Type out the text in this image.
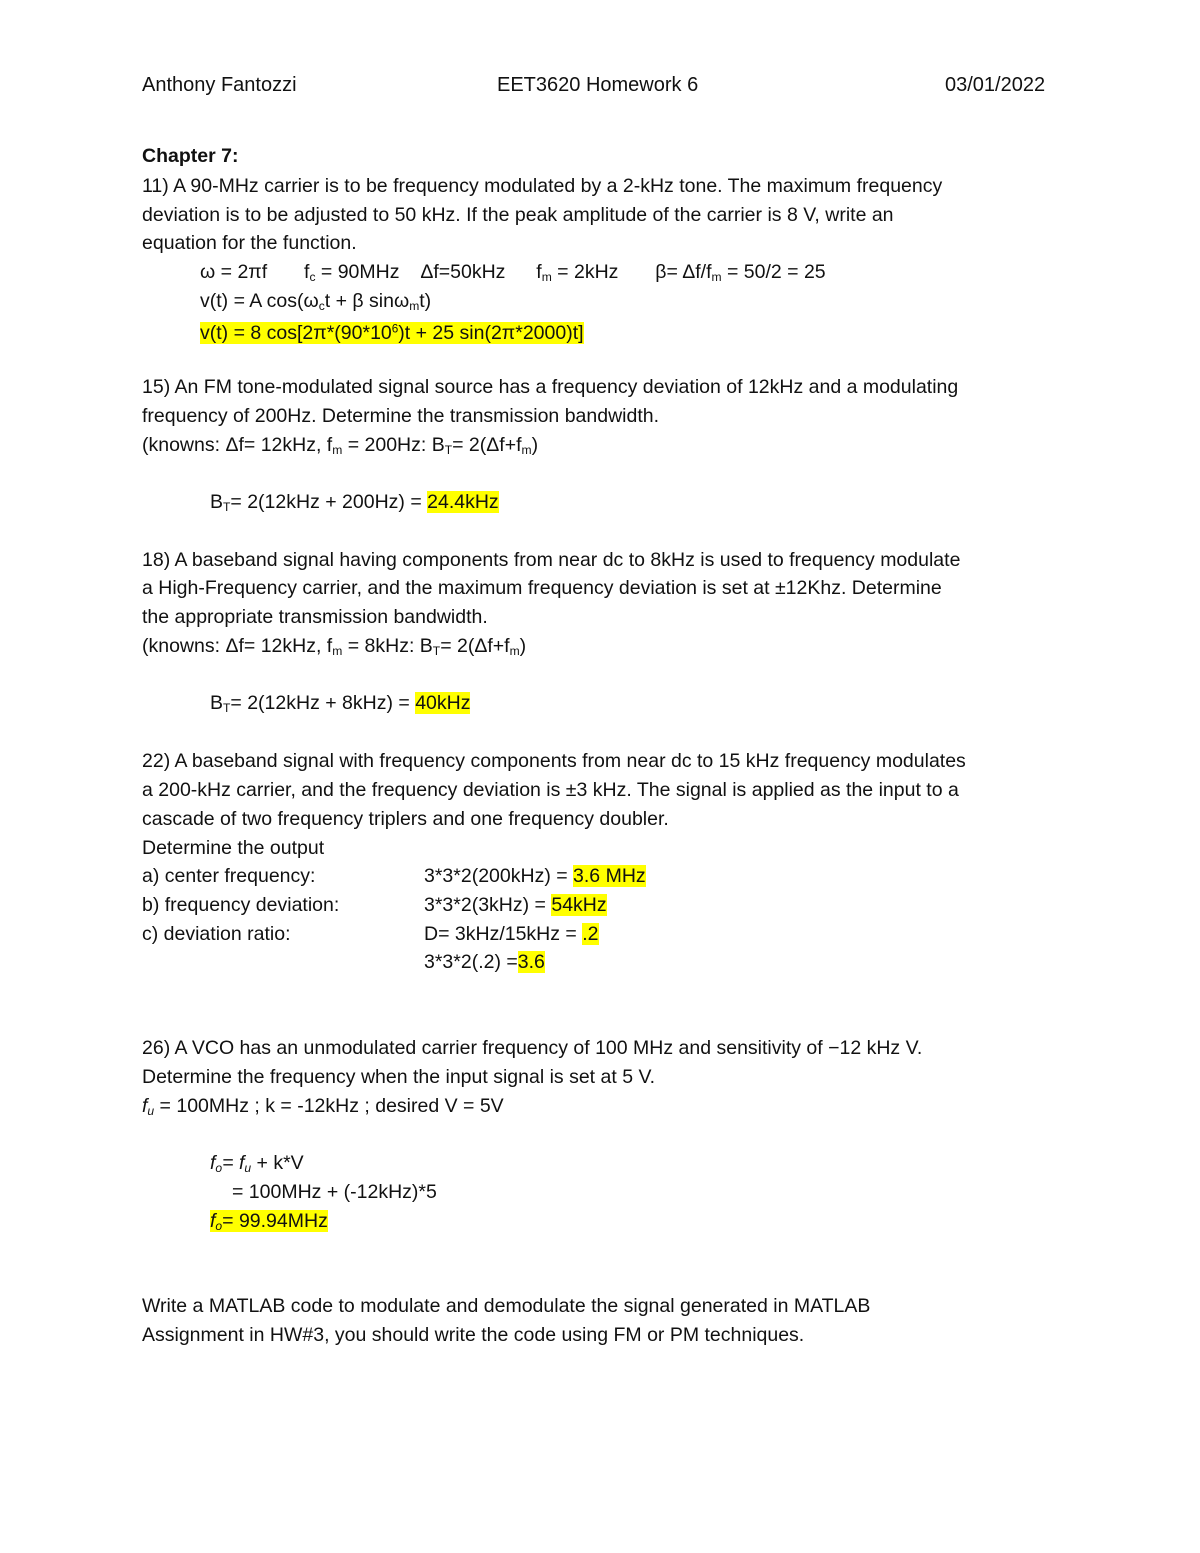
Anthony Fantozzi	EET3620 Homework 6	03/01/2022
Chapter 7:
11) A 90-MHz carrier is to be frequency modulated by a 2-kHz tone. The maximum frequency
deviation is to be adjusted to 50 kHz. If the peak amplitude of the carrier is 8 V, write an
equation for the function.
ω = 2πf $f_c = 90MHz$ Δf=50kHz $f_m = 2kHz$ $\beta= \Delta f/f_m = 50/2 = 25$
v(t) = A $\cos(\omega_ct + \beta$ sinω$_m$t)
v(t) = 8 $\cos[2\pi*(90*10^6)t + 25$ sin(2π*2000)t]
15) An FM tone-modulated signal source has a frequency deviation of 12kHz and a modulating
frequency of 200Hz. Determine the transmission bandwidth.
(knowns: Δf= 12kHz, $f_m = 200Hz$: $B_T= 2(\Delta f+f_m)$
$B_T= 2(12kHz + 200Hz) = 24.4kHz$
18) A baseband signal having components from near dc to 8kHz is used to frequency modulate
a High-Frequency carrier, and the maximum frequency deviation is set at ±12Khz. Determine
the appropriate transmission bandwidth.
(knowns: Δf= 12kHz, $f_m = 8kHz$: $B_T= 2(\Delta f+f_m)$
$B_T= 2(12kHz + 8kHz) = 40kHz$
22) A baseband signal with frequency components from near dc to 15 kHz frequency modulates
a 200-kHz carrier, and the frequency deviation is ±3 kHz. The signal is applied as the input to a
cascade of two frequency triplers and one frequency doubler.
Determine the output
a) center frequency:	3*3*2(200kHz) = 3.6 MHz
b) frequency deviation:	3*3*2(3kHz) = 54kHz
c) deviation ratio:	D= 3kHz/15kHz = .2
3*3*2(.2) =3.6
26) A VCO has an unmodulated carrier frequency of 100 MHz and sensitivity of −12 kHz V.
Determine the frequency when the input signal is set at 5 V.
$f_u = 100MHz$ ; k = -12kHz ; desired V = 5V
$f_o= f_u + k*V$
= 100MHz + (-12kHz)*5
$f_o= 99.94MHz$
Write a MATLAB code to modulate and demodulate the signal generated in MATLAB
Assignment in HW#3, you should write the code using FM or PM techniques.
